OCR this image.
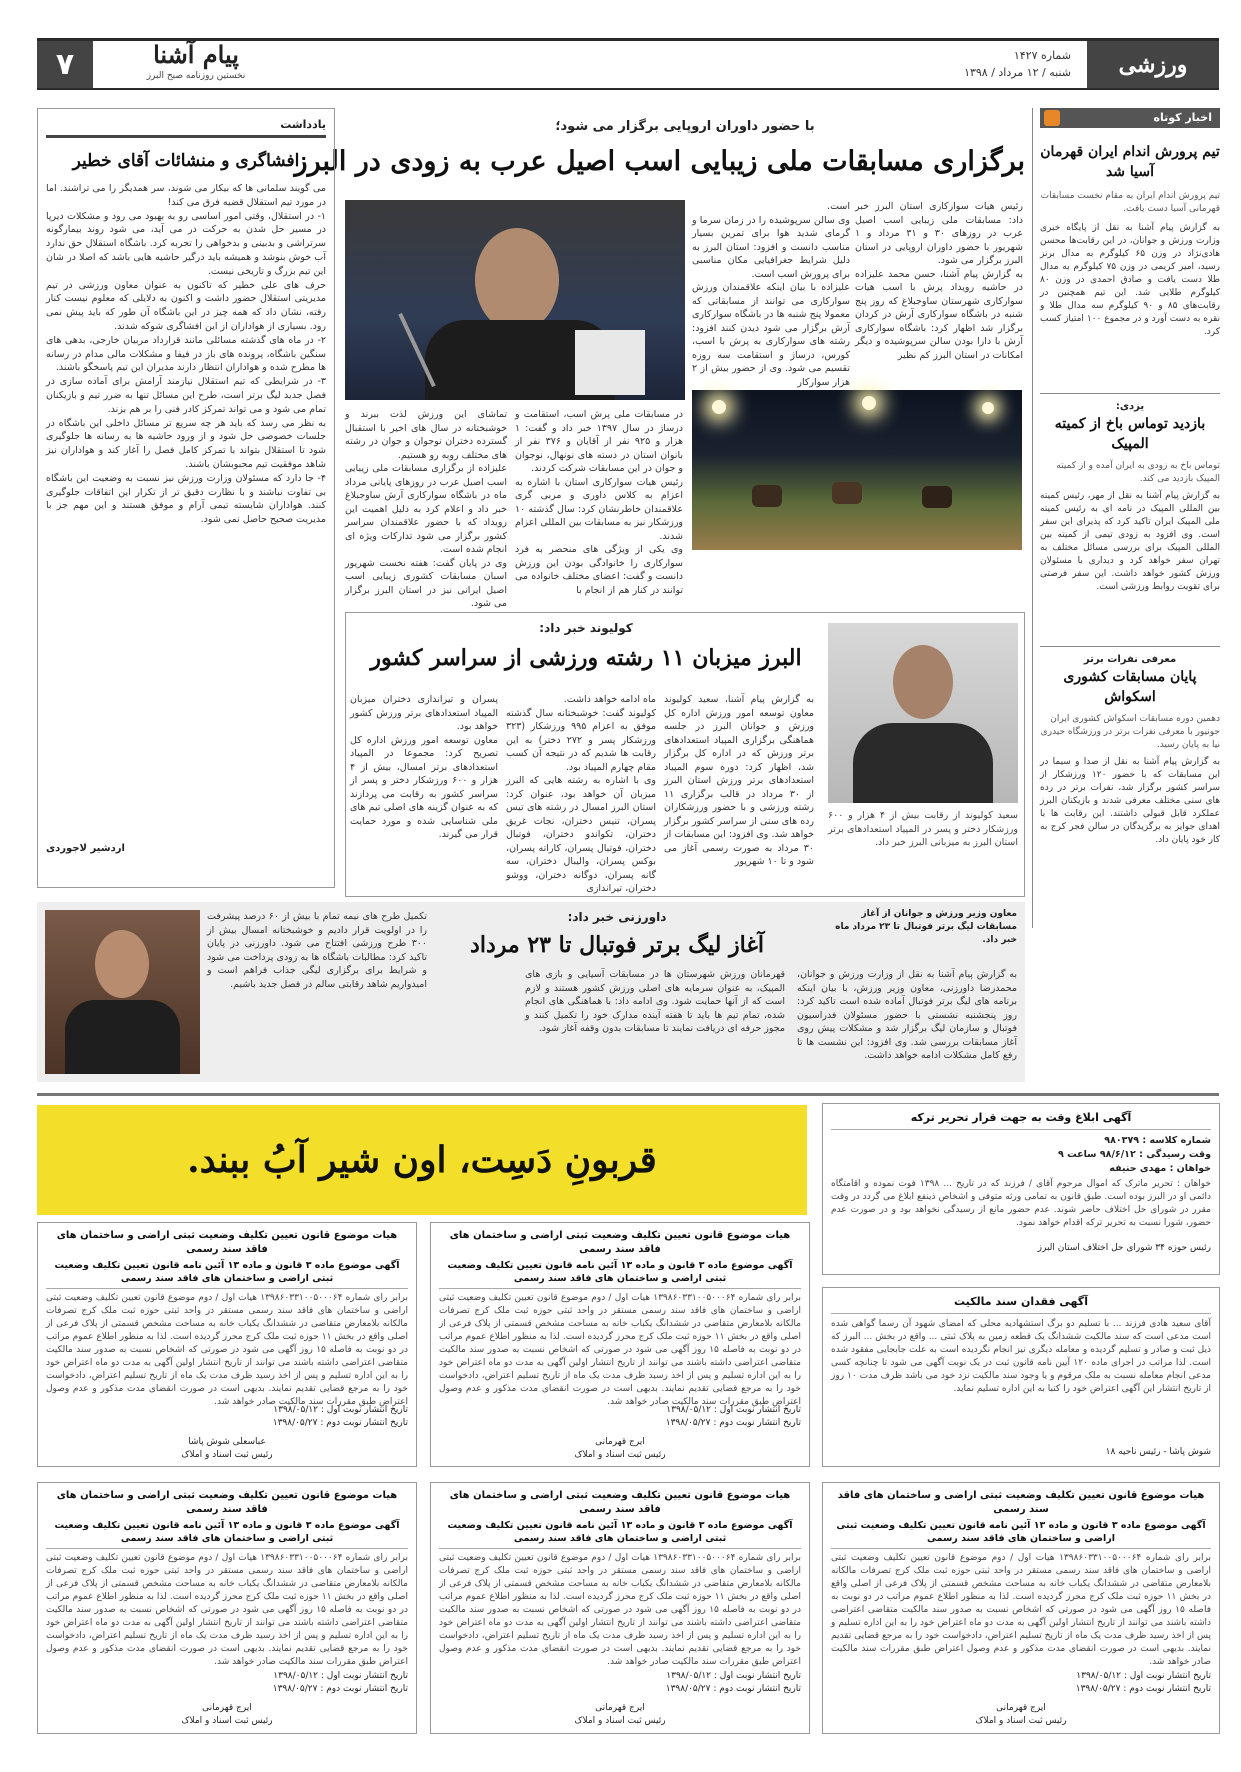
ورزشی
شماره ۱۴۲۷
شنبه / ۱۲ مرداد / ۱۳۹۸
۷	پیام آشنا
نخستین روزنامه صبح البرز
اخبار کوتاه
تیم پرورش اندام ایران قهرمان آسیا شد
تیم پرورش اندام ایران به مقام نخست مسابقات قهرمانی آسیا دست یافت.
به گزارش پیام آشنا به نقل از پایگاه خبری وزارت ورزش و جوانان، در این رقابت‌ها محسن هادی‌نژاد در وزن ۶۵ کیلوگرم به مدال برنز رسید، امیر کریمی در وزن ۷۵ کیلوگرم به مدال طلا دست یافت و صادق احمدی در وزن ۸۰ کیلوگرم طلایی شد. این تیم همچنین در رقابت‌های ۸۵ و ۹۰ کیلوگرم سه مدال طلا و نقره به دست آورد و در مجموع ۱۰۰ امتیاز کسب کرد.
یزدی:
بازدید توماس باخ از کمیته المپیک
توماس باخ به زودی به ایران آمده و از کمیته المپیک بازدید می کند.
به گزارش پیام آشنا به نقل از مهر، رئیس کمیته بین المللی المپیک در نامه ای به رئیس کمیته ملی المپیک ایران تاکید کرد که پذیرای این سفر است. وی افزود به زودی تیمی از کمیته بین المللی المپیک برای بررسی مسائل مختلف به تهران سفر خواهد کرد و دیداری با مسئولان ورزش کشور خواهد داشت. این سفر فرصتی برای تقویت روابط ورزشی است.
معرفی نفرات برتر
پایان مسابقات کشوری اسکواش
دهمین دوره مسابقات اسکواش کشوری ایران جونیور با معرفی نفرات برتر در ورزشگاه حیدری نیا به پایان رسید.
به گزارش پیام آشنا به نقل از صدا و سیما در این مسابقات که با حضور ۱۲۰ ورزشکار از سراسر کشور برگزار شد، نفرات برتر در رده های سنی مختلف معرفی شدند و بازیکنان البرز عملکرد قابل قبولی داشتند. این رقابت ها با اهدای جوایز به برگزیدگان در سالن فجر کرج به کار خود پایان داد.
با حضور داوران اروپایی برگزار می شود؛
برگزاری مسابقات ملی زیبایی اسب اصیل عرب به زودی در البرز
رئیس هیات سوارکاری استان البرز خبر داد: مسابقات ملی زیبایی اسب اصیل عرب در روزهای ۳۰ و ۳۱ مرداد و ۱ شهریور با حضور داوران اروپایی در استان البرز برگزار می شود.
به گزارش پیام آشنا، حسن محمد علیزاده در حاشیه رویداد پرش با اسب هیات سوارکاری شهرستان ساوجبلاغ که روز پنج شنبه در باشگاه سوارکاری آرش در کردان برگزار شد اظهار کرد: باشگاه سوارکاری آرش با دارا بودن سالن سرپوشیده و دیگر امکانات در استان البرز کم نظیر
است.
وی سالن سرپوشیده را در زمان سرما و گرمای شدید هوا برای تمرین بسیار مناسب دانست و افزود: استان البرز به دلیل شرایط جغرافیایی مکان مناسبی برای پرورش اسب است.
علیزاده با بیان اینکه علاقمندان ورزش سوارکاری می توانند از مسابقاتی که معمولا پنج شنبه ها در باشگاه سوارکاری آرش برگزار می شود دیدن کنند افزود: رشته های سوارکاری به پرش با اسب، کورس، درساژ و استقامت سه روزه تقسیم می شود. وی از حضور بیش از ۲ هزار سوارکار
در مسابقات ملی پرش اسب، استقامت و درساژ در سال ۱۳۹۷ خبر داد و گفت: ۱ هزار و ۹۲۵ نفر از آقایان و ۳۷۶ نفر از بانوان استان در دسته های نونهال، نوجوان و جوان در این مسابقات شرکت کردند.
رئیس هیات سوارکاری استان با اشاره به اعزام به کلاس داوری و مربی گری علاقمندان خاطرنشان کرد: سال گذشته ۱۰ ورزشکار نیز به مسابقات بین المللی اعزام شدند.
وی یکی از ویژگی های منحصر به فرد سوارکاری را خانوادگی بودن این ورزش دانست و گفت: اعضای مختلف خانواده می توانند در کنار هم از انجام با
تماشای این ورزش لذت ببرند و خوشبختانه در سال های اخیر با استقبال گسترده دختران نوجوان و جوان در رشته های مختلف روبه رو هستیم.
علیزاده از برگزاری مسابقات ملی زیبایی اسب اصیل عرب در روزهای پایانی مرداد ماه در باشگاه سوارکاری آرش ساوجبلاغ خبر داد و اعلام کرد به دلیل اهمیت این رویداد که با حضور علاقمندان سراسر کشور برگزار می شود تدارکات ویژه ای انجام شده است.
وی در پایان گفت: هفته نخست شهریور اسبان مسابقات کشوری زیبایی اسب اصیل ایرانی نیز در استان البرز برگزار می شود.
یادداشت
افشاگری و منشائات آقای خطیر
می گویند سلمانی ها که بیکار می شوند، سر همدیگر را می تراشند. اما در مورد تیم استقلال قضیه فرق می کند!
۱- در استقلال، وقتی امور اساسی رو به بهبود می رود و مشکلات دیرپا در مسیر حل شدن به حرکت در می آید، می شود روند بیمارگونه سرتراشی و بدبینی و بدخواهی را تجربه کرد. باشگاه استقلال حق ندارد آب خوش بنوشد و همیشه باید درگیر حاشیه هایی باشد که اصلا در شان این تیم بزرگ و تاریخی نیست.
حرف های علی خطیر که تاکنون به عنوان معاون ورزشی در تیم مدیریتی استقلال حضور داشت و اکنون به دلایلی که معلوم نیست کنار رفته، نشان داد که همه چیز در این باشگاه آن طور که باید پیش نمی رود. بسیاری از هواداران از این افشاگری شوکه شدند.
۲- در ماه های گذشته مسائلی مانند قرارداد مربیان خارجی، بدهی های سنگین باشگاه، پرونده های باز در فیفا و مشکلات مالی مدام در رسانه ها مطرح شده و هواداران انتظار دارند مدیران این تیم پاسخگو باشند.
۳- در شرایطی که تیم استقلال نیازمند آرامش برای آماده سازی در فصل جدید لیگ برتر است، طرح این مسائل تنها به ضرر تیم و بازیکنان تمام می شود و می تواند تمرکز کادر فنی را بر هم بزند.
به نظر می رسد که باید هر چه سریع تر مسائل داخلی این باشگاه در جلسات خصوصی حل شود و از ورود حاشیه ها به رسانه ها جلوگیری شود تا استقلال بتواند با تمرکز کامل فصل را آغاز کند و هواداران نیز شاهد موفقیت تیم محبوبشان باشند.
۴- جا دارد که مسئولان وزارت ورزش نیز نسبت به وضعیت این باشگاه بی تفاوت نباشند و با نظارت دقیق تر از تکرار این اتفاقات جلوگیری کنند. هواداران شایسته تیمی آرام و موفق هستند و این مهم جز با مدیریت صحیح حاصل نمی شود.
اردشیر لاجوردی
کولیوند خبر داد:
البرز میزبان ۱۱ رشته ورزشی از سراسر کشور
سعید کولیوند از رقابت بیش از ۴ هزار و ۶۰۰ ورزشکار دختر و پسر در المپیاد استعدادهای برتر استان البرز به میزبانی البرز خبر داد.
به گزارش پیام آشنا، سعید کولیوند معاون توسعه امور ورزش اداره کل ورزش و جوانان البرز در جلسه هماهنگی برگزاری المپیاد استعدادهای برتر ورزش که در اداره کل برگزار شد، اظهار کرد: دوره سوم المپیاد استعدادهای برتر ورزش استان البرز از ۳۰ مرداد در قالب برگزاری ۱۱ رشته ورزشی و با حضور ورزشکاران رده های سنی از سراسر کشور برگزار خواهد شد. وی افزود: این مسابقات از ۳۰ مرداد به صورت رسمی آغاز می شود و تا ۱۰ شهریور
ماه ادامه خواهد داشت.
کولیوند گفت: خوشبختانه سال گذشته موفق به اعزام ۹۹۵ ورزشکار (۳۲۳ ورزشکار پسر و ۲۷۲ دختر) به این رقابت ها شدیم که در نتیجه آن کسب مقام چهارم المپیاد بود.
وی با اشاره به رشته هایی که البرز میزبان آن خواهد بود، عنوان کرد: استان البرز امسال در رشته های تیس پسران، تنیس دختران، نجات غریق دختران، تکواندو دختران، فوتبال دختران، فوتبال پسران، کاراته پسران، بوکس پسران، والیبال دختران، سه گانه پسران، دوگانه دختران، ووشو دختران، تیراندازی
پسران و تیراندازی دختران میزبان المپیاد استعدادهای برتر ورزش کشور خواهد بود.
معاون توسعه امور ورزش اداره کل تصریح کرد: مجموعا در المپیاد استعدادهای برتر امسال، بیش از ۴ هزار و ۶۰۰ ورزشکار دختر و پسر از سراسر کشور به رقابت می پردازند که به عنوان گزینه های اصلی تیم های ملی شناسایی شده و مورد حمایت قرار می گیرند.
معاون وزیر ورزش و جوانان از آغاز مسابقات لیگ برتر فوتبال تا ۲۳ مرداد ماه خبر داد.
داورزنی خبر داد:
آغاز لیگ برتر فوتبال تا ۲۳ مرداد
به گزارش پیام آشنا به نقل از وزارت ورزش و جوانان، محمدرضا داورزنی، معاون وزیر ورزش، با بیان اینکه برنامه های لیگ برتر فوتبال آماده شده است تاکید کرد: روز پنجشنبه نشستی با حضور مسئولان فدراسیون فوتبال و سازمان لیگ برگزار شد و مشکلات پیش روی آغاز مسابقات بررسی شد. وی افزود: این نشست ها تا رفع کامل مشکلات ادامه خواهد داشت.
قهرمانان ورزش شهرستان ها در مسابقات آسیایی و بازی های المپیک، به عنوان سرمایه های اصلی ورزش کشور هستند و لازم است که از آنها حمایت شود. وی ادامه داد: با هماهنگی های انجام شده، تمام تیم ها باید تا هفته آینده مدارک خود را تکمیل کنند و مجوز حرفه ای دریافت نمایند تا مسابقات بدون وقفه آغاز شود.
تکمیل طرح های نیمه تمام با بیش از ۶۰ درصد پیشرفت را در اولویت قرار دادیم و خوشبختانه امسال بیش از ۳۰۰ طرح ورزشی افتتاح می شود. داورزنی در پایان تاکید کرد: مطالبات باشگاه ها به زودی پرداخت می شود و شرایط برای برگزاری لیگی جذاب فراهم است و امیدواریم شاهد رقابتی سالم در فصل جدید باشیم.
آگهی ابلاغ وقت به جهت قرار تحریر ترکه
شماره کلاسه : ۹۸۰۳۷۹
وقت رسیدگی : ۹۸/۶/۱۲ ساعت ۹
خواهان : مهدی حنیفه
خواهان : تحریر ماترک که اموال مرحوم آقای / فرزند که در تاریخ ... ۱۳۹۸ فوت نموده و اقامتگاه دائمی او در البرز بوده است. طبق قانون به تمامی ورثه متوفی و اشخاص ذینفع ابلاغ می گردد در وقت مقرر در شورای حل اختلاف حاضر شوند. عدم حضور مانع از رسیدگی نخواهد بود و در صورت عدم حضور، شورا نسبت به تحریر ترکه اقدام خواهد نمود.
رئیس حوزه ۳۴ شورای حل اختلاف استان البرز
قربونِ دَسِت، اون شیر آبُ ببند.
آگهی فقدان سند مالکیت
آقای سعید هادی فرزند ... با تسلیم دو برگ استشهادیه محلی که امضای شهود آن رسما گواهی شده است مدعی است که سند مالکیت ششدانگ یک قطعه زمین به پلاک ثبتی ... واقع در بخش ... البرز که ذیل ثبت و صادر و تسلیم گردیده و معامله دیگری نیز انجام نگردیده است به علت جابجایی مفقود شده است. لذا مراتب در اجرای ماده ۱۲۰ آیین نامه قانون ثبت در یک نوبت آگهی می شود تا چنانچه کسی مدعی انجام معامله نسبت به ملک مرقوم و یا وجود سند مالکیت نزد خود می باشد ظرف مدت ۱۰ روز از تاریخ انتشار این آگهی اعتراض خود را کتبا به این اداره تسلیم نماید.
شوش پاشا - رئیس ناحیه ۱۸
هیات موضوع قانون تعیین تکلیف وضعیت ثبتی اراضی و ساختمان های فاقد سند رسمی
آگهی موضوع ماده ۳ قانون و ماده ۱۳ آئین نامه قانون تعیین تکلیف وضعیت ثبتی اراضی و ساختمان های فاقد سند رسمی
برابر رای شماره ۱۳۹۸۶۰۳۳۱۰۰۵۰۰۰۶۴ هیات اول / دوم موضوع قانون تعیین تکلیف وضعیت ثبتی اراضی و ساختمان های فاقد سند رسمی مستقر در واحد ثبتی حوزه ثبت ملک کرج تصرفات مالکانه بلامعارض متقاضی در ششدانگ یکباب خانه به مساحت مشخص قسمتی از پلاک فرعی از اصلی واقع در بخش ۱۱ حوزه ثبت ملک کرج محرز گردیده است. لذا به منظور اطلاع عموم مراتب در دو نوبت به فاصله ۱۵ روز آگهی می شود در صورتی که اشخاص نسبت به صدور سند مالکیت متقاضی اعتراضی داشته باشند می توانند از تاریخ انتشار اولین آگهی به مدت دو ماه اعتراض خود را به این اداره تسلیم و پس از اخذ رسید ظرف مدت یک ماه از تاریخ تسلیم اعتراض، دادخواست خود را به مرجع قضایی تقدیم نمایند. بدیهی است در صورت انقضای مدت مذکور و عدم وصول اعتراض طبق مقررات سند مالکیت صادر خواهد شد.
تاریخ انتشار نوبت اول : ۱۳۹۸/۰۵/۱۲
تاریخ انتشار نوبت دوم : ۱۳۹۸/۰۵/۲۷
ایرج قهرمانی
رئیس ثبت اسناد و املاک
هیات موضوع قانون تعیین تکلیف وضعیت ثبتی اراضی و ساختمان های فاقد سند رسمی
آگهی موضوع ماده ۳ قانون و ماده ۱۳ آئین نامه قانون تعیین تکلیف وضعیت ثبتی اراضی و ساختمان های فاقد سند رسمی
برابر رای شماره ۱۳۹۸۶۰۳۳۱۰۰۵۰۰۰۶۴ هیات اول / دوم موضوع قانون تعیین تکلیف وضعیت ثبتی اراضی و ساختمان های فاقد سند رسمی مستقر در واحد ثبتی حوزه ثبت ملک کرج تصرفات مالکانه بلامعارض متقاضی در ششدانگ یکباب خانه به مساحت مشخص قسمتی از پلاک فرعی از اصلی واقع در بخش ۱۱ حوزه ثبت ملک کرج محرز گردیده است. لذا به منظور اطلاع عموم مراتب در دو نوبت به فاصله ۱۵ روز آگهی می شود در صورتی که اشخاص نسبت به صدور سند مالکیت متقاضی اعتراضی داشته باشند می توانند از تاریخ انتشار اولین آگهی به مدت دو ماه اعتراض خود را به این اداره تسلیم و پس از اخذ رسید ظرف مدت یک ماه از تاریخ تسلیم اعتراض، دادخواست خود را به مرجع قضایی تقدیم نمایند. بدیهی است در صورت انقضای مدت مذکور و عدم وصول اعتراض طبق مقررات سند مالکیت صادر خواهد شد.
تاریخ انتشار نوبت اول : ۱۳۹۸/۰۵/۱۲
تاریخ انتشار نوبت دوم : ۱۳۹۸/۰۵/۲۷
عباسعلی شوش پاشا
رئیس ثبت اسناد و املاک
هیات موضوع قانون تعیین تکلیف وضعیت ثبتی اراضی و ساختمان های فاقد سند رسمی
آگهی موضوع ماده ۳ قانون و ماده ۱۳ آئین نامه قانون تعیین تکلیف وضعیت ثبتی اراضی و ساختمان های فاقد سند رسمی
برابر رای شماره ۱۳۹۸۶۰۳۳۱۰۰۵۰۰۰۶۴ هیات اول / دوم موضوع قانون تعیین تکلیف وضعیت ثبتی اراضی و ساختمان های فاقد سند رسمی مستقر در واحد ثبتی حوزه ثبت ملک کرج تصرفات مالکانه بلامعارض متقاضی در ششدانگ یکباب خانه به مساحت مشخص قسمتی از پلاک فرعی از اصلی واقع در بخش ۱۱ حوزه ثبت ملک کرج محرز گردیده است. لذا به منظور اطلاع عموم مراتب در دو نوبت به فاصله ۱۵ روز آگهی می شود در صورتی که اشخاص نسبت به صدور سند مالکیت متقاضی اعتراضی داشته باشند می توانند از تاریخ انتشار اولین آگهی به مدت دو ماه اعتراض خود را به این اداره تسلیم و پس از اخذ رسید ظرف مدت یک ماه از تاریخ تسلیم اعتراض، دادخواست خود را به مرجع قضایی تقدیم نمایند. بدیهی است در صورت انقضای مدت مذکور و عدم وصول اعتراض طبق مقررات سند مالکیت صادر خواهد شد.
تاریخ انتشار نوبت اول : ۱۳۹۸/۰۵/۱۲
تاریخ انتشار نوبت دوم : ۱۳۹۸/۰۵/۲۷
ایرج قهرمانی
رئیس ثبت اسناد و املاک
هیات موضوع قانون تعیین تکلیف وضعیت ثبتی اراضی و ساختمان های فاقد سند رسمی
آگهی موضوع ماده ۳ قانون و ماده ۱۳ آئین نامه قانون تعیین تکلیف وضعیت ثبتی اراضی و ساختمان های فاقد سند رسمی
برابر رای شماره ۱۳۹۸۶۰۳۳۱۰۰۵۰۰۰۶۴ هیات اول / دوم موضوع قانون تعیین تکلیف وضعیت ثبتی اراضی و ساختمان های فاقد سند رسمی مستقر در واحد ثبتی حوزه ثبت ملک کرج تصرفات مالکانه بلامعارض متقاضی در ششدانگ یکباب خانه به مساحت مشخص قسمتی از پلاک فرعی از اصلی واقع در بخش ۱۱ حوزه ثبت ملک کرج محرز گردیده است. لذا به منظور اطلاع عموم مراتب در دو نوبت به فاصله ۱۵ روز آگهی می شود در صورتی که اشخاص نسبت به صدور سند مالکیت متقاضی اعتراضی داشته باشند می توانند از تاریخ انتشار اولین آگهی به مدت دو ماه اعتراض خود را به این اداره تسلیم و پس از اخذ رسید ظرف مدت یک ماه از تاریخ تسلیم اعتراض، دادخواست خود را به مرجع قضایی تقدیم نمایند. بدیهی است در صورت انقضای مدت مذکور و عدم وصول اعتراض طبق مقررات سند مالکیت صادر خواهد شد.
تاریخ انتشار نوبت اول : ۱۳۹۸/۰۵/۱۲
تاریخ انتشار نوبت دوم : ۱۳۹۸/۰۵/۲۷
ایرج قهرمانی
رئیس ثبت اسناد و املاک
هیات موضوع قانون تعیین تکلیف وضعیت ثبتی اراضی و ساختمان های فاقد سند رسمی
آگهی موضوع ماده ۳ قانون و ماده ۱۳ آئین نامه قانون تعیین تکلیف وضعیت ثبتی اراضی و ساختمان های فاقد سند رسمی
برابر رای شماره ۱۳۹۸۶۰۳۳۱۰۰۵۰۰۰۶۴ هیات اول / دوم موضوع قانون تعیین تکلیف وضعیت ثبتی اراضی و ساختمان های فاقد سند رسمی مستقر در واحد ثبتی حوزه ثبت ملک کرج تصرفات مالکانه بلامعارض متقاضی در ششدانگ یکباب خانه به مساحت مشخص قسمتی از پلاک فرعی از اصلی واقع در بخش ۱۱ حوزه ثبت ملک کرج محرز گردیده است. لذا به منظور اطلاع عموم مراتب در دو نوبت به فاصله ۱۵ روز آگهی می شود در صورتی که اشخاص نسبت به صدور سند مالکیت متقاضی اعتراضی داشته باشند می توانند از تاریخ انتشار اولین آگهی به مدت دو ماه اعتراض خود را به این اداره تسلیم و پس از اخذ رسید ظرف مدت یک ماه از تاریخ تسلیم اعتراض، دادخواست خود را به مرجع قضایی تقدیم نمایند. بدیهی است در صورت انقضای مدت مذکور و عدم وصول اعتراض طبق مقررات سند مالکیت صادر خواهد شد.
تاریخ انتشار نوبت اول : ۱۳۹۸/۰۵/۱۲
تاریخ انتشار نوبت دوم : ۱۳۹۸/۰۵/۲۷
ایرج قهرمانی
رئیس ثبت اسناد و املاک
